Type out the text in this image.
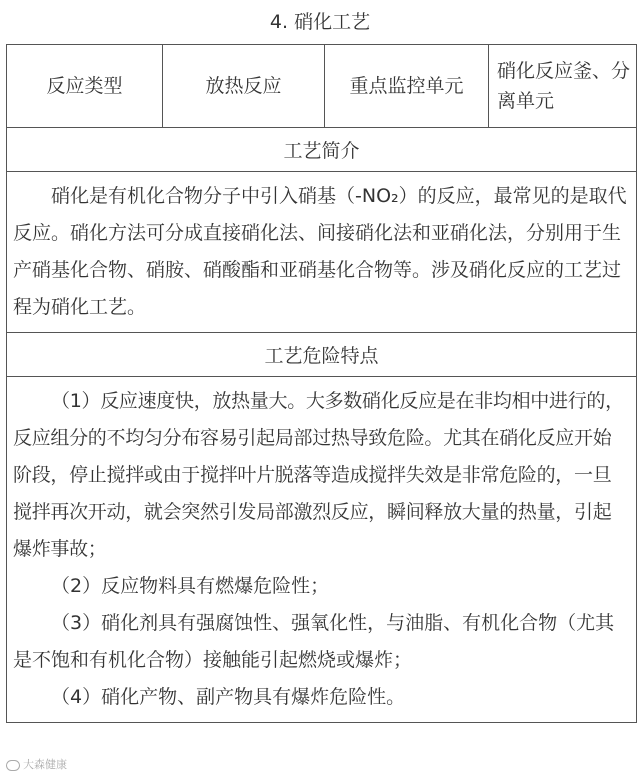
4. 硝化工艺
反应类型	放热反应	重点监控单元	硝化反应釜、分离单元
工艺简介
硝化是有机化合物分子中引入硝基（-NO₂）的反应，最常见的是取代反应。硝化方法可分成直接硝化法、间接硝化法和亚硝化法，分别用于生产硝基化合物、硝胺、硝酸酯和亚硝基化合物等。涉及硝化反应的工艺过程为硝化工艺。
工艺危险特点

（1）反应速度快，放热量大。大多数硝化反应是在非均相中进行的，反应组分的不均匀分布容易引起局部过热导致危险。尤其在硝化反应开始阶段，停止搅拌或由于搅拌叶片脱落等造成搅拌失效是非常危险的，一旦搅拌再次开动，就会突然引发局部激烈反应，瞬间释放大量的热量，引起爆炸事故；

（2）反应物料具有燃爆危险性；

（3）硝化剂具有强腐蚀性、强氧化性，与油脂、有机化合物（尤其是不饱和有机化合物）接触能引起燃烧或爆炸；

（4）硝化产物、副产物具有爆炸危险性。

大森健康
